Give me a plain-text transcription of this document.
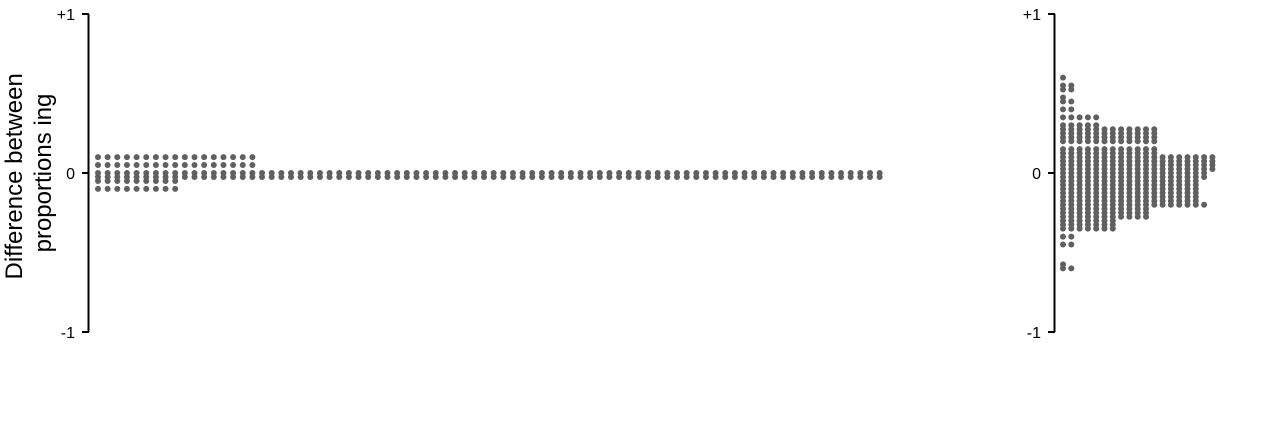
Difference between proportions ing
+1
0
-1
+1
0
-1
